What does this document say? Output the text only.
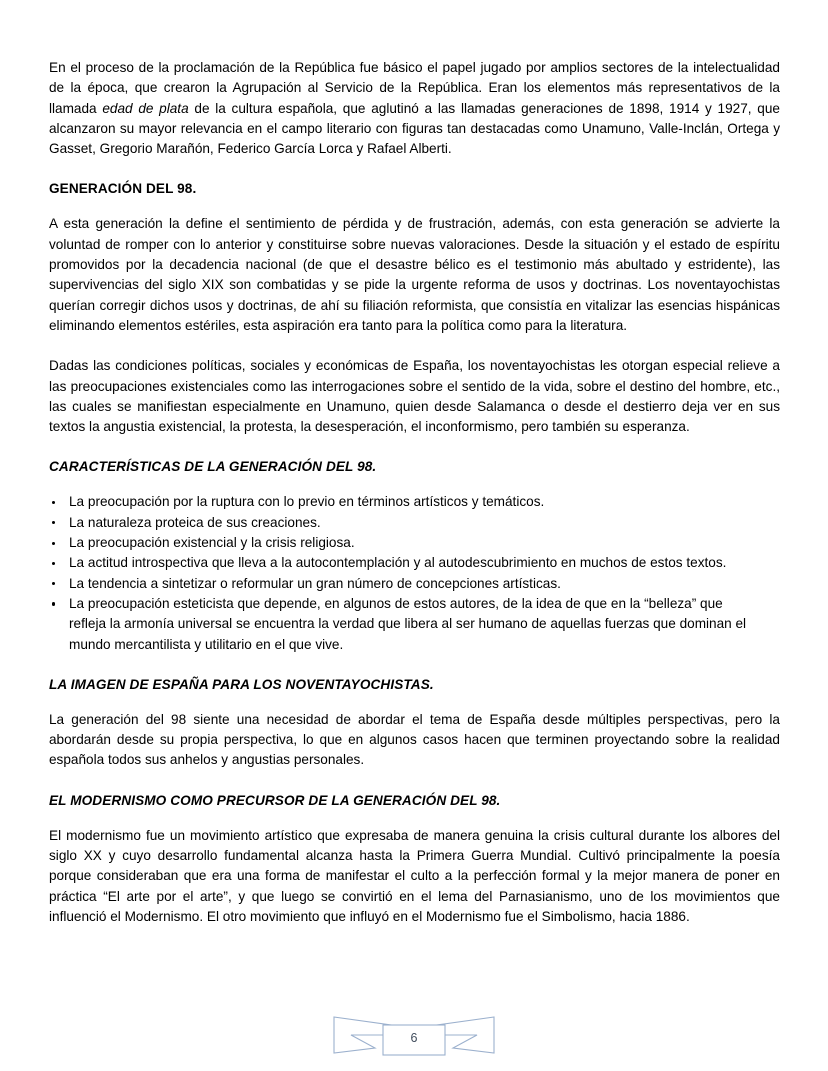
En el proceso de la proclamación de la República fue básico el papel jugado por amplios sectores de la intelectualidad de la época, que crearon la Agrupación al Servicio de la República. Eran los elementos más representativos de la llamada edad de plata de la cultura española, que aglutinó a las llamadas generaciones de 1898, 1914 y 1927, que alcanzaron su mayor relevancia en el campo literario con figuras tan destacadas como Unamuno, Valle-Inclán, Ortega y Gasset, Gregorio Marañón, Federico García Lorca y Rafael Alberti.

GENERACIÓN DEL 98.

A esta generación la define el sentimiento de pérdida y de frustración, además, con esta generación se advierte la voluntad de romper con lo anterior y constituirse sobre nuevas valoraciones. Desde la situación y el estado de espíritu promovidos por la decadencia nacional (de que el desastre bélico es el testimonio más abultado y estridente), las supervivencias del siglo XIX son combatidas y se pide la urgente reforma de usos y doctrinas. Los noventayochistas querían corregir dichos usos y doctrinas, de ahí su filiación reformista, que consistía en vitalizar las esencias hispánicas eliminando elementos estériles, esta aspiración era tanto para la política como para la literatura.

Dadas las condiciones políticas, sociales y económicas de España, los noventayochistas les otorgan especial relieve a las preocupaciones existenciales como las interrogaciones sobre el sentido de la vida, sobre el destino del hombre, etc., las cuales se manifiestan especialmente en Unamuno, quien desde Salamanca o desde el destierro deja ver en sus textos la angustia existencial, la protesta, la desesperación, el inconformismo, pero también su esperanza.

CARACTERÍSTICAS DE LA GENERACIÓN DEL 98.
La preocupación por la ruptura con lo previo en términos artísticos y temáticos.
La naturaleza proteica de sus creaciones.
La preocupación existencial y la crisis religiosa.
La actitud introspectiva que lleva a la autocontemplación y al autodescubrimiento en muchos de estos textos.
La tendencia a sintetizar o reformular un gran número de concepciones artísticas.
La preocupación esteticista que depende, en algunos de estos autores, de la idea de que en la “belleza” que refleja la armonía universal se encuentra la verdad que libera al ser humano de aquellas fuerzas que dominan el mundo mercantilista y utilitario en el que vive.
LA IMAGEN DE ESPAÑA PARA LOS NOVENTAYOCHISTAS.

La generación del 98 siente una necesidad de abordar el tema de España desde múltiples perspectivas, pero la abordarán desde su propia perspectiva, lo que en algunos casos hacen que terminen proyectando sobre la realidad española todos sus anhelos y angustias personales.

EL MODERNISMO COMO PRECURSOR DE LA GENERACIÓN DEL 98.

El modernismo fue un movimiento artístico que expresaba de manera genuina la crisis cultural durante los albores del siglo XX y cuyo desarrollo fundamental alcanza hasta la Primera Guerra Mundial. Cultivó principalmente la poesía porque consideraban que era una forma de manifestar el culto a la perfección formal y la mejor manera de poner en práctica “El arte por el arte”, y que luego se convirtió en el lema del Parnasianismo, uno de los movimientos que influenció el Modernismo. El otro movimiento que influyó en el Modernismo fue el Simbolismo, hacia 1886.

6
